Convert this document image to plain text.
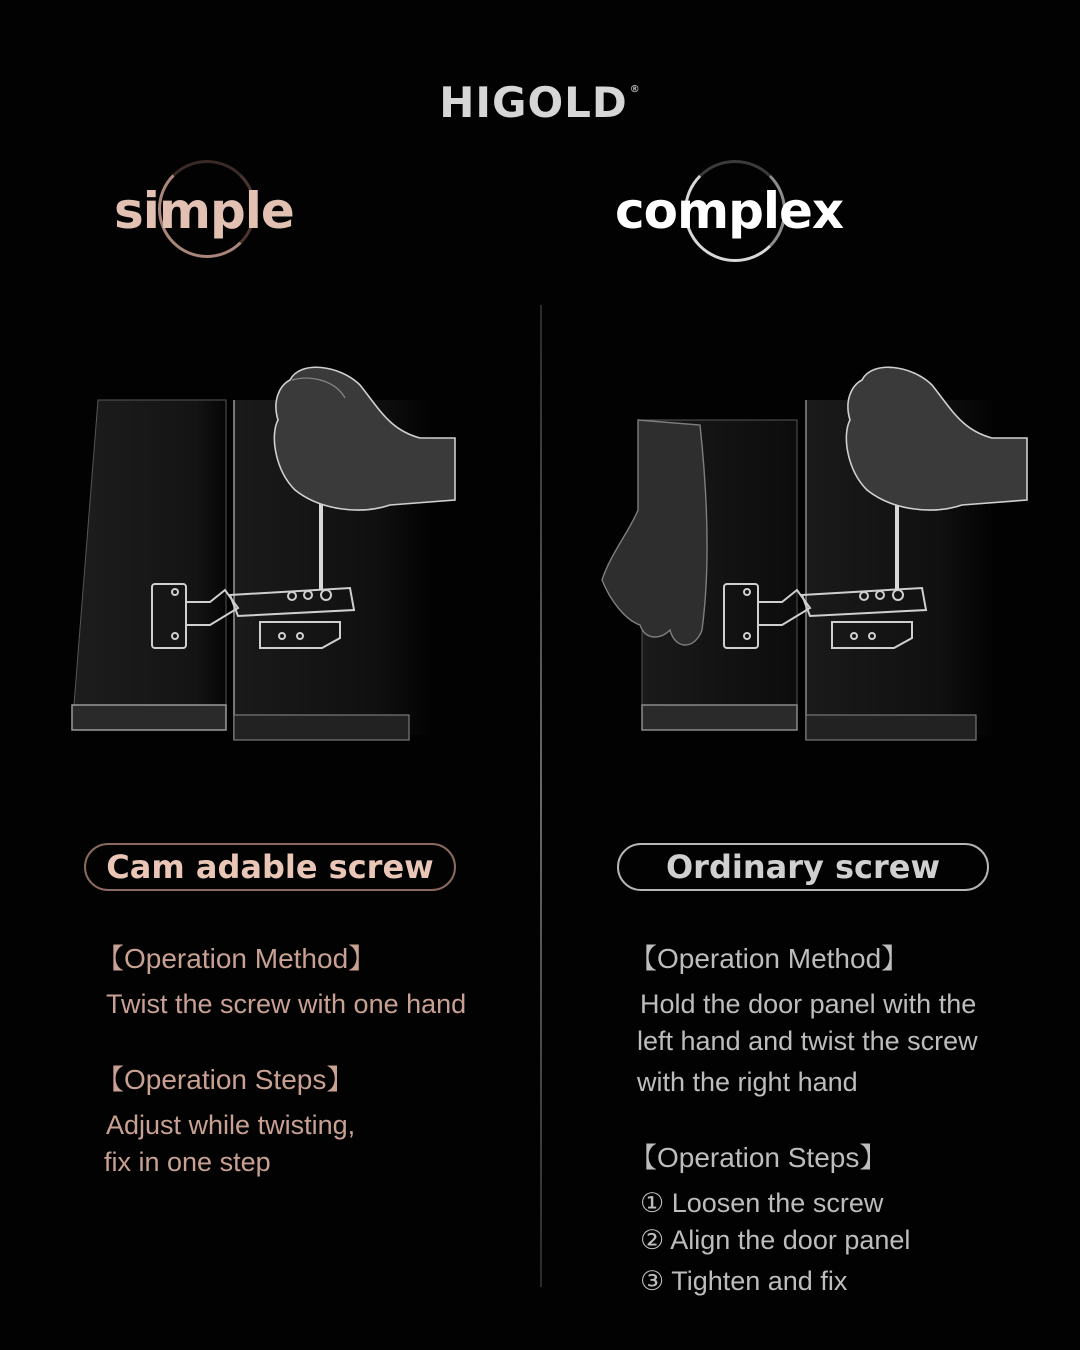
HIGOLD ®
simple	complex
Cam adable screw	Ordinary screw
【Operation Method】
Twist the screw with one hand
【Operation Steps】
Adjust while twisting,
fix in one step
【Operation Method】
Hold the door panel with the
left hand and twist the screw
with the right hand
【Operation Steps】
① Loosen the screw
② Align the door panel
③ Tighten and fix
